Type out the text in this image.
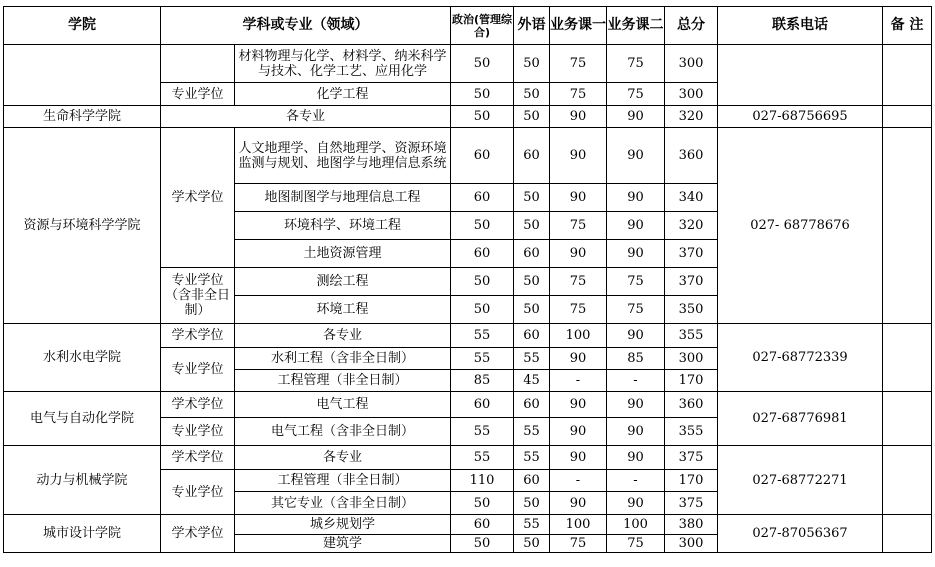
学院	学科或专业（领域）		政治(管理综合)	外语	业务课一	业务课二	总分	联系电话	备 注
		材料物理与化学、材料学、纳米科学与技术、化学工艺、应用化学	50	50	75	75	300		
	专业学位	化学工程	50	50	75	75	300		
生命科学学院	各专业		50	50	90	90	320	027-68756695	
资源与环境科学学院	学术学位	人文地理学、自然地理学、资源环境监测与规划、地图学与地理信息系统	60	60	90	90	360	027- 68778676	
		地图制图学与地理信息工程	60	50	90	90	340		
		环境科学、环境工程	50	50	75	90	320		
		土地资源管理	60	60	90	90	370		
	专业学位（含非全日制）	测绘工程	50	50	75	75	370		
		环境工程	50	50	75	75	350		
水利水电学院	学术学位	各专业	55	60	100	90	355	027-68772339	
	专业学位	水利工程（含非全日制）	55	55	90	85	300		
		工程管理（非全日制）	85	45	-	-	170		
电气与自动化学院	学术学位	电气工程	60	60	90	90	360	027-68776981	
	专业学位	电气工程（含非全日制）	55	55	90	90	355		
动力与机械学院	学术学位	各专业	55	55	90	90	375	027-68772271	
	专业学位	工程管理（非全日制）	110	60	-	-	170		
		其它专业（含非全日制）	50	50	90	90	375		
城市设计学院	学术学位	城乡规划学	60	55	100	100	380	027-87056367	
		建筑学	50	50	75	75	300		
